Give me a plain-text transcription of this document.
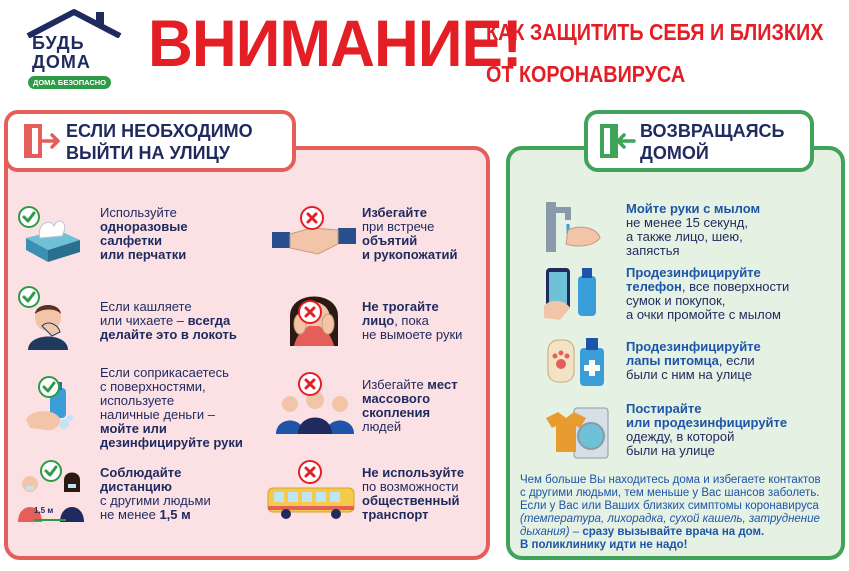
БУДЬ
ДОМА
ДОМА БЕЗОПАСНО
ВНИМАНИЕ!
КАК ЗАЩИТИТЬ СЕБЯ И БЛИЗКИХ
ОТ КОРОНАВИРУСА
ЕСЛИ НЕОБХОДИМО
ВЫЙТИ НА УЛИЦУ
ВОЗВРАЩАЯСЬ
ДОМОЙ
1,5 м
Используйте
одноразовые
салфетки
или перчатки
Если кашляете
или чихаете – всегда
делайте это в локоть
Если соприкасаетесь
с поверхностями,
используете
наличные деньги –
мойте или
дезинфицируйте руки
Соблюдайте
дистанцию
с другими людьми
не менее 1,5 м
Избегайте
при встрече
объятий
и рукопожатий
Не трогайте
лицо, пока
не вымоете руки
Избегайте мест
массового
скопления
людей
Не используйте
по возможности
общественный
транспорт
Мойте руки с мылом
не менее 15 секунд,
а также лицо, шею,
запястья
Продезинфицируйте
телефон, все поверхности
сумок и покупок,
а очки промойте с мылом
Продезинфицируйте
лапы питомца, если
были с ним на улице
Постирайте
или продезинфицируйте
одежду, в которой
были на улице
Чем больше Вы находитесь дома и избегаете контактов
с другими людьми, тем меньше у Вас шансов заболеть.
Если у Вас или Ваших близких симптомы коронавируса
(температура, лихорадка, сухой кашель, затруднение
дыхания) – сразу вызывайте врача на дом.
В поликлинику идти не надо!
